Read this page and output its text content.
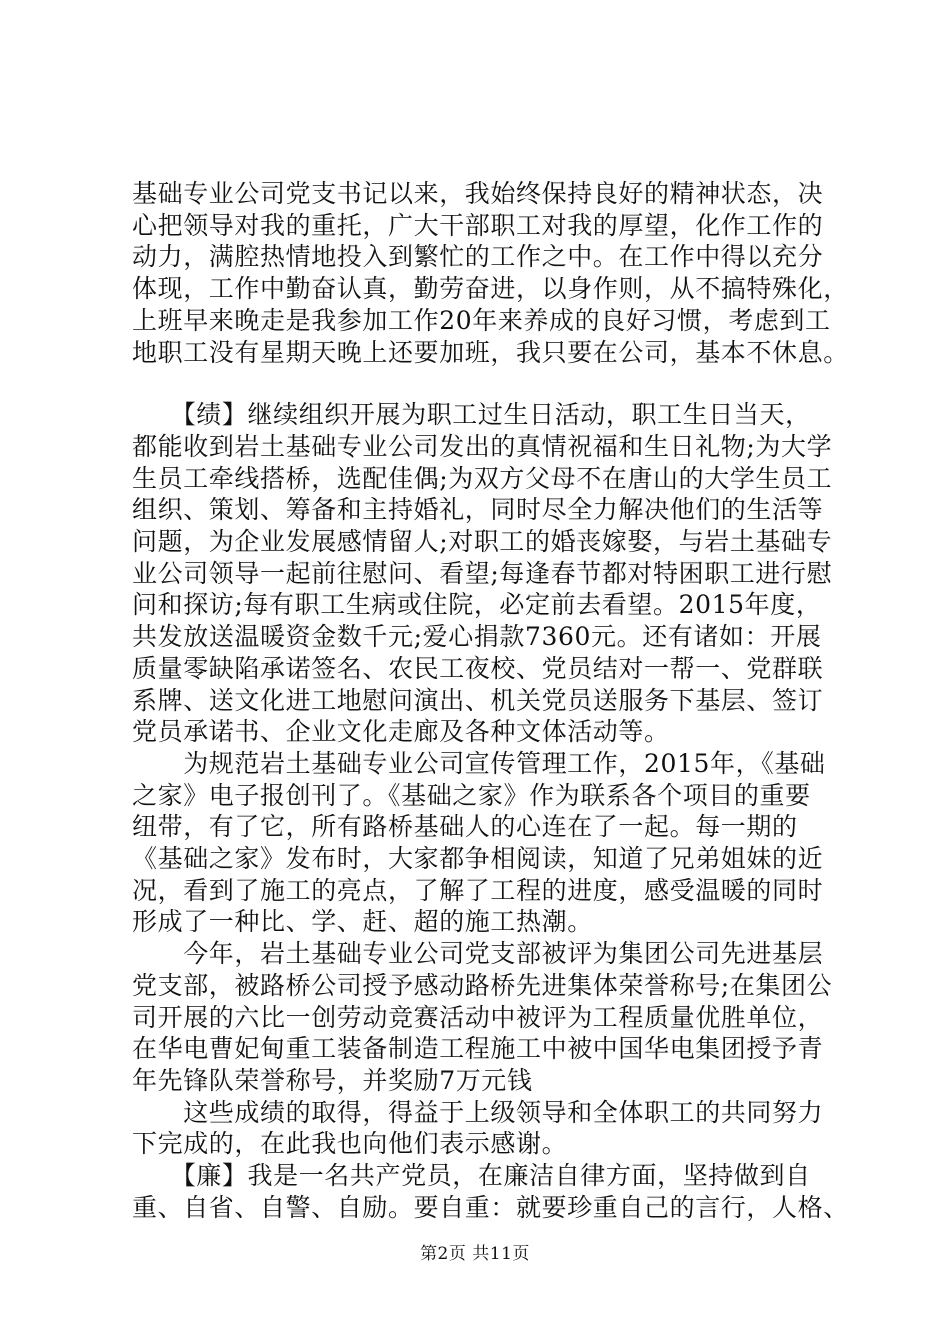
基础专业公司党支书记以来，我始终保持良好的精神状态，决
心把领导对我的重托，广大干部职工对我的厚望，化作工作的
动力，满腔热情地投入到繁忙的工作之中。在工作中得以充分
体现，工作中勤奋认真，勤劳奋进，以身作则，从不搞特殊化，
上班早来晚走是我参加工作20年来养成的良好习惯，考虑到工
地职工没有星期天晚上还要加班，我只要在公司，基本不休息。

　　【绩】继续组织开展为职工过生日活动，职工生日当天，
都能收到岩土基础专业公司发出的真情祝福和生日礼物;为大学
生员工牵线搭桥，选配佳偶;为双方父母不在唐山的大学生员工
组织、策划、筹备和主持婚礼，同时尽全力解决他们的生活等
问题，为企业发展感情留人;对职工的婚丧嫁娶，与岩土基础专
业公司领导一起前往慰问、看望;每逢春节都对特困职工进行慰
问和探访;每有职工生病或住院，必定前去看望。2015年度，
共发放送温暖资金数千元;爱心捐款7360元。还有诸如：开展
质量零缺陷承诺签名、农民工夜校、党员结对一帮一、党群联
系牌、送文化进工地慰问演出、机关党员送服务下基层、签订
党员承诺书、企业文化走廊及各种文体活动等。

　　为规范岩土基础专业公司宣传管理工作，2015年，《基础
之家》电子报创刊了。《基础之家》作为联系各个项目的重要
纽带，有了它，所有路桥基础人的心连在了一起。每一期的
《基础之家》发布时，大家都争相阅读，知道了兄弟姐妹的近
况，看到了施工的亮点，了解了工程的进度，感受温暖的同时
形成了一种比、学、赶、超的施工热潮。

　　今年，岩土基础专业公司党支部被评为集团公司先进基层
党支部，被路桥公司授予感动路桥先进集体荣誉称号;在集团公
司开展的六比一创劳动竞赛活动中被评为工程质量优胜单位，
在华电曹妃甸重工装备制造工程施工中被中国华电集团授予青
年先锋队荣誉称号，并奖励7万元钱

　　这些成绩的取得，得益于上级领导和全体职工的共同努力
下完成的，在此我也向他们表示感谢。

　　【廉】我是一名共产党员，在廉洁自律方面，坚持做到自
重、自省、自警、自励。要自重：就要珍重自己的言行，人格、

第2页 共11页
